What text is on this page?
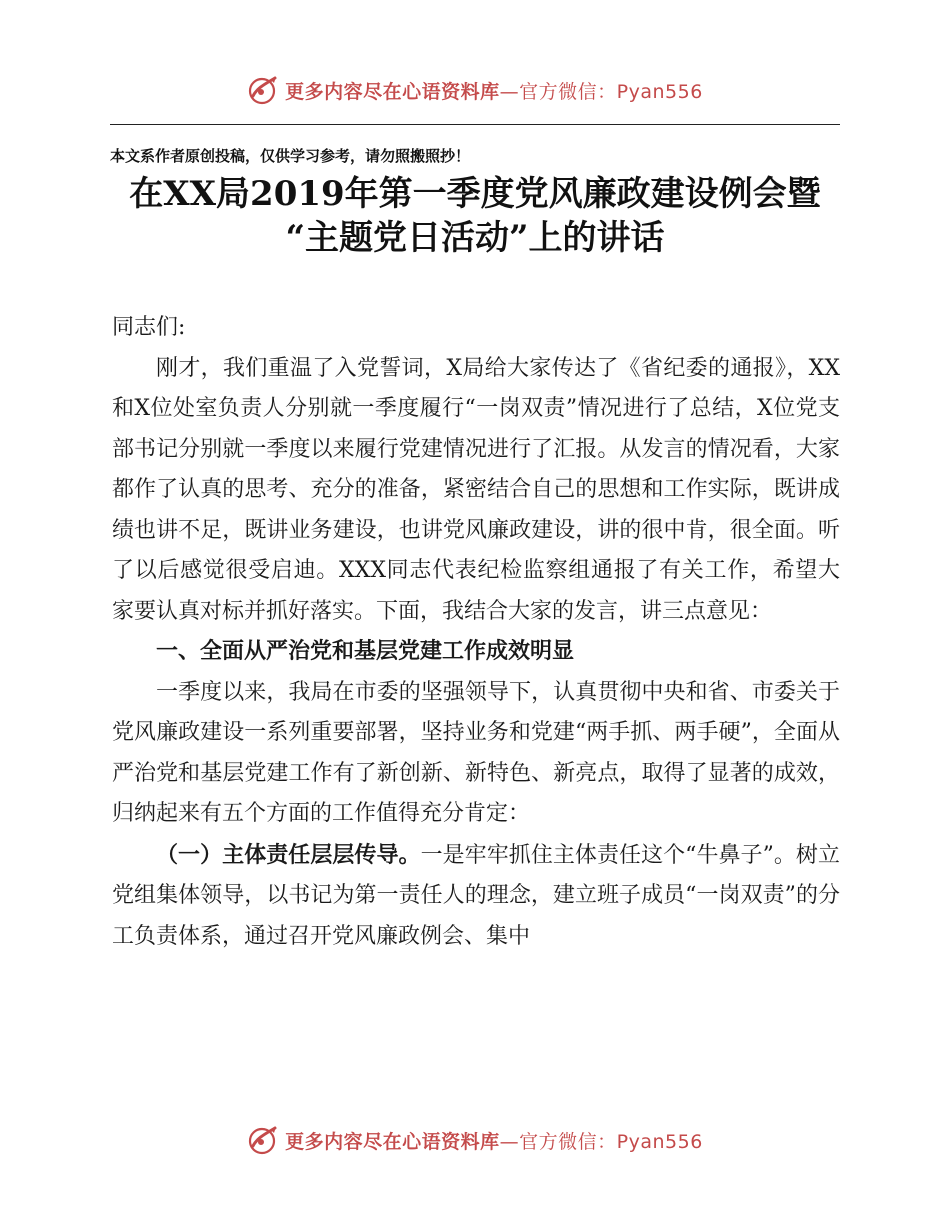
更多内容尽在心语资料库—官方微信：Pyan556
本文系作者原创投稿，仅供学习参考，请勿照搬照抄！
在XX局2019年第一季度党风廉政建设例会暨
“主题党日活动”上的讲话

同志们:

刚才，我们重温了入党誓词，X局给大家传达了《省纪委的通报》，XX和X位处室负责人分别就一季度履行“一岗双责”情况进行了总结，X位党支部书记分别就一季度以来履行党建情况进行了汇报。从发言的情况看，大家都作了认真的思考、充分的准备，紧密结合自己的思想和工作实际，既讲成绩也讲不足，既讲业务建设，也讲党风廉政建设，讲的很中肯，很全面。听了以后感觉很受启迪。XXX同志代表纪检监察组通报了有关工作，希望大家要认真对标并抓好落实。下面，我结合大家的发言，讲三点意见：

一、全面从严治党和基层党建工作成效明显

一季度以来，我局在市委的坚强领导下，认真贯彻中央和省、市委关于党风廉政建设一系列重要部署，坚持业务和党建“两手抓、两手硬”，全面从严治党和基层党建工作有了新创新、新特色、新亮点，取得了显著的成效，归纳起来有五个方面的工作值得充分肯定：

（一）主体责任层层传导。一是牢牢抓住主体责任这个“牛鼻子”。树立党组集体领导，以书记为第一责任人的理念，建立班子成员“一岗双责”的分工负责体系，通过召开党风廉政例会、集中

更多内容尽在心语资料库—官方微信：Pyan556
